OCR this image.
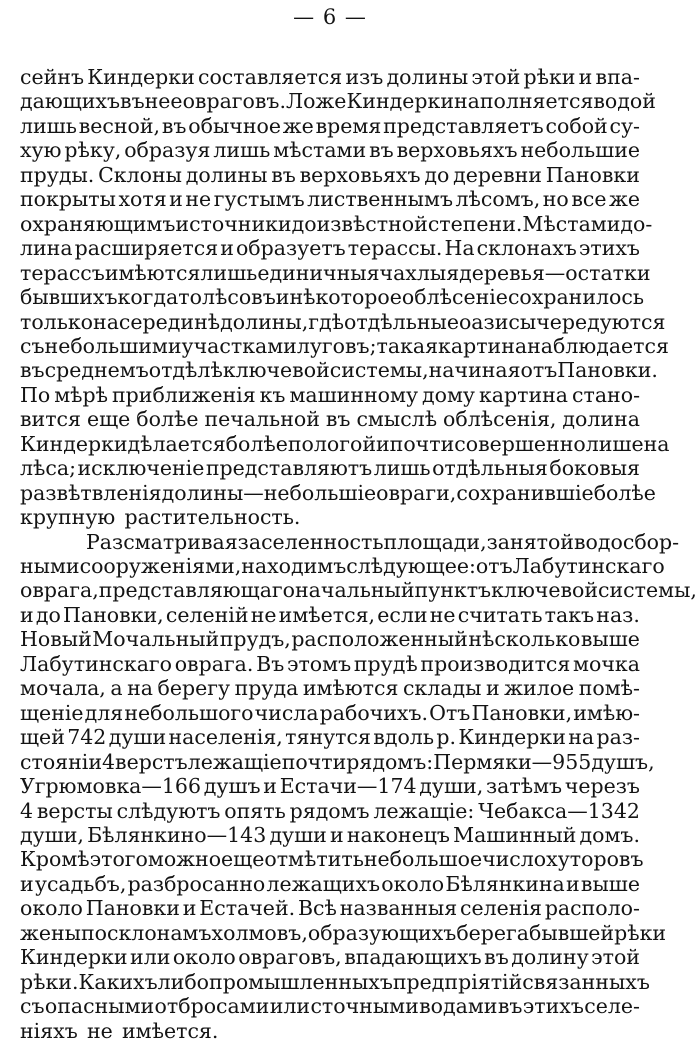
— 6 —
сейнъ Киндерки составляется изъ долины этой рѣки и впа-
дающихъ въ нее овраговъ. Ложе Киндерки наполняется водой
лишь весной, въ обычное же время представляетъ собой су-
хую рѣку, образуя лишь мѣстами въ верховьяхъ небольшие
пруды. Склоны долины въ верховьяхъ до деревни Пановки
покрыты хотя и не густымъ лиственнымъ лѣсомъ, но все же
охраняющимъ источники до извѣстной степени. Мѣстами до-
лина расширяется и образуетъ терассы. На склонахъ этихъ
терассъ имѣются лишь единичныя чахлыя деревья—остатки
бывшихъ когда то лѣсовъ и нѣкоторое облѣсеніе сохранилось
только на серединѣ долины, гдѣ отдѣльные оазисы чередуются
съ небольшими участками луговъ; такая картина наблюдается
въ среднемъ отдѣлѣ ключевой системы, начиная отъ Пановки.
По мѣрѣ приближенія къ машинному дому картина стано-
вится еще болѣе печальной въ смыслѣ облѣсенія, долина
Киндерки дѣлается болѣе пологой и почти совершенно лишена
лѣса; исключеніе представляютъ лишь отдѣльныя боковыя
развѣтвленія долины—небольшіе овраги, сохранившіе болѣе
крупную растительность.
Разсматривая заселенность площади, занятой водосбор-
ными сооруженіями, находимъ слѣдующее: отъ Лабутинскаго
оврага, представляющаго начальный пунктъ ключевой системы,
и до Пановки, селеній не имѣется, если не считать такъ наз.
Новый Мочальный прудъ, расположенный нѣсколько выше
Лабутинскаго оврага. Въ этомъ прудѣ производится мочка
мочала, а на берегу пруда имѣются склады и жилое помѣ-
щеніе для небольшого числа рабочихъ. Отъ Пановки, имѣю-
щей 742 души населенія, тянутся вдоль р. Киндерки на раз-
стояніи 4 верстъ лежащіе почти рядомъ: Пермяки—955 душъ,
Угрюмовка—166 душъ и Естачи—174 души, затѣмъ черезъ
4 версты слѣдуютъ опять рядомъ лежащіе: Чебакса—1342
души, Бѣлянкино—143 души и наконецъ Машинный домъ.
Кромѣ этого можно еще отмѣтить небольшое число хуторовъ
и усадьбъ, разбросанно лежащихъ около Бѣлянкина и выше
около Пановки и Естачей. Всѣ названныя селенія располо-
жены по склонамъ холмовъ, образующихъ берега бывшей рѣки
Киндерки или около овраговъ, впадающихъ въ долину этой
рѣки. Какихъ либо промышленныхъ предпріятій связанныхъ
съ опасными отбросами или сточными водами въ этихъ селе-
ніяхъ не имѣется.
